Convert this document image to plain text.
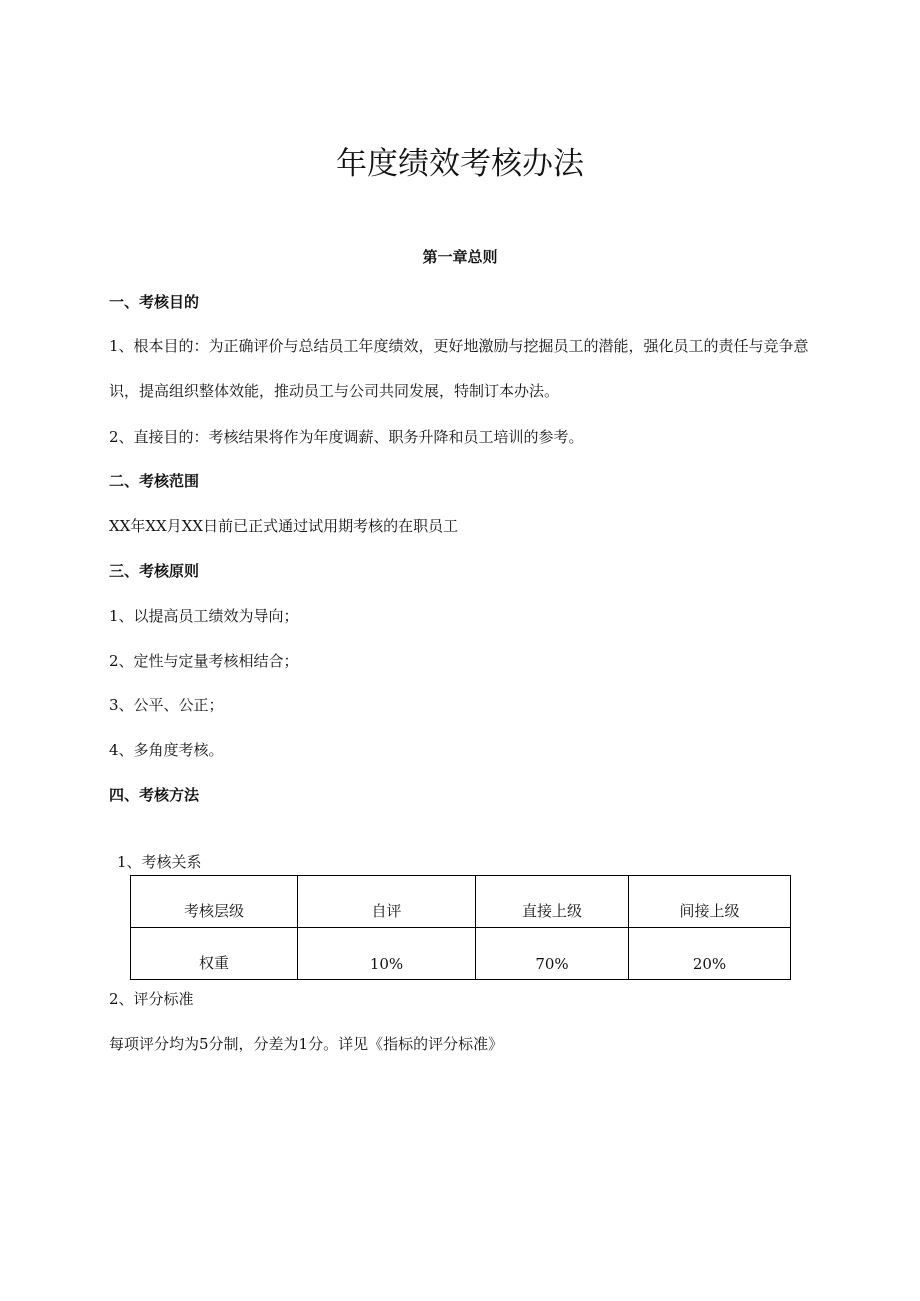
年度绩效考核办法
第一章总则
一、考核目的
1、根本目的：为正确评价与总结员工年度绩效，更好地激励与挖掘员工的潜能，强化员工的责任与竞争意识，提高组织整体效能，推动员工与公司共同发展，特制订本办法。
2、直接目的：考核结果将作为年度调薪、职务升降和员工培训的参考。
二、考核范围
XX年XX月XX日前已正式通过试用期考核的在职员工
三、考核原则
1、以提高员工绩效为导向；
2、定性与定量考核相结合；
3、公平、公正；
4、多角度考核。
四、考核方法
1、考核关系
考核层级	自评	直接上级	间接上级
权重	10%	70%	20%
2、评分标准
每项评分均为5分制，分差为1分。详见《指标的评分标准》
